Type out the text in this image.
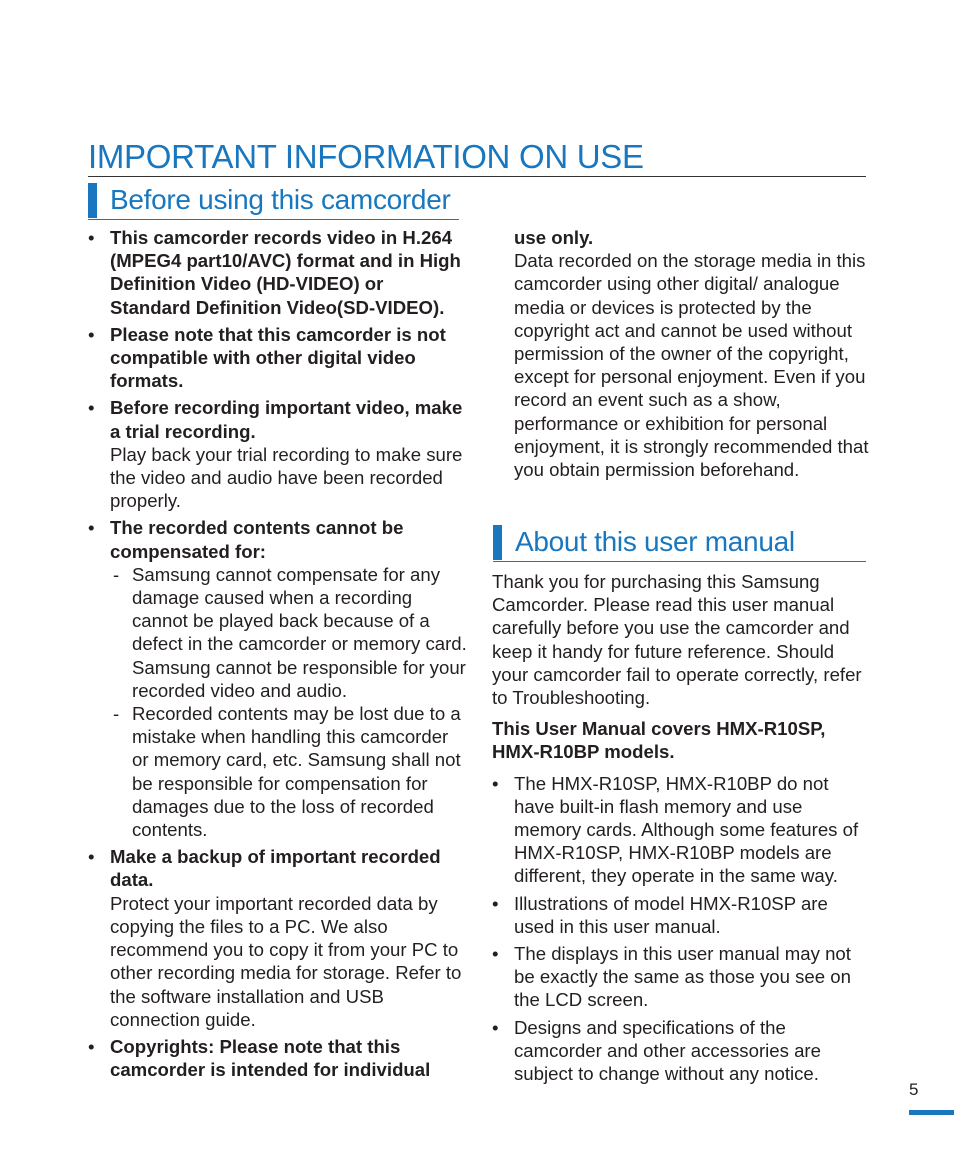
IMPORTANT INFORMATION ON USE
Before using this camcorder
• This camcorder records video in H.264 (MPEG4 part10/AVC) format and in High Definition Video (HD-VIDEO) or Standard Definition Video(SD-VIDEO).
• Please note that this camcorder is not compatible with other digital video formats.
• Before recording important video, make a trial recording.
Play back your trial recording to make sure the video and audio have been recorded properly.
• The recorded contents cannot be compensated for:
- Samsung cannot compensate for any damage caused when a recording cannot be played back because of a defect in the camcorder or memory card.
Samsung cannot be responsible for your recorded video and audio.
- Recorded contents may be lost due to a mistake when handling this camcorder or memory card, etc. Samsung shall not be responsible for compensation for damages due to the loss of recorded contents.
• Make a backup of important recorded data.
Protect your important recorded data by copying the files to a PC. We also recommend you to copy it from your PC to other recording media for storage. Refer to the software installation and USB connection guide.
• Copyrights: Please note that this camcorder is intended for individual
use only.
Data recorded on the storage media in this camcorder using other digital/ analogue media or devices is protected by the copyright act and cannot be used without permission of the owner of the copyright, except for personal enjoyment. Even if you record an event such as a show, performance or exhibition for personal enjoyment, it is strongly recommended that you obtain permission beforehand.
About this user manual
Thank you for purchasing this Samsung Camcorder. Please read this user manual carefully before you use the camcorder and keep it handy for future reference. Should your camcorder fail to operate correctly, refer to Troubleshooting.
This User Manual covers HMX-R10SP, HMX-R10BP models.
• The HMX-R10SP, HMX-R10BP do not have built-in flash memory and use memory cards. Although some features of HMX-R10SP, HMX-R10BP models are different, they operate in the same way.
• Illustrations of model HMX-R10SP are used in this user manual.
• The displays in this user manual may not be exactly the same as those you see on the LCD screen.
• Designs and specifications of the camcorder and other accessories are subject to change without any notice.
5
